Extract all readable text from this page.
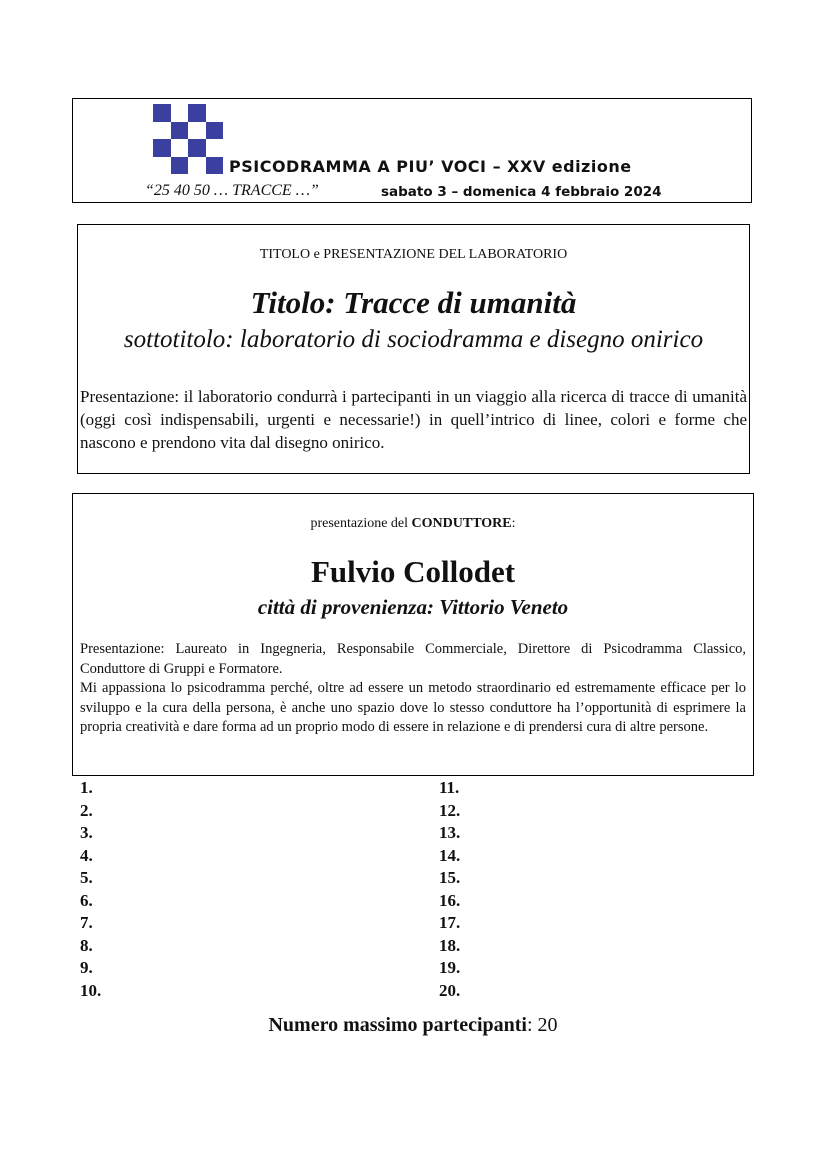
PSICODRAMMA A PIU’ VOCI – XXV edizione
“25 40 50 … TRACCE …”	sabato 3 – domenica 4 febbraio 2024
TITOLO e PRESENTAZIONE DEL LABORATORIO
Titolo: Tracce di umanità
sottotitolo: laboratorio di sociodramma e disegno onirico
Presentazione: il laboratorio condurrà i partecipanti in un viaggio alla ricerca di tracce di umanità (oggi così indispensabili, urgenti e necessarie!) in quell’intrico di linee, colori e forme che nascono e prendono vita dal disegno onirico.
presentazione del CONDUTTORE:
Fulvio Collodet
città di provenienza: Vittorio Veneto

Presentazione: Laureato in Ingegneria, Responsabile Commerciale, Direttore di Psicodramma Classico, Conduttore di Gruppi e Formatore.

Mi appassiona lo psicodramma perché, oltre ad essere un metodo straordinario ed estremamente efficace per lo sviluppo e la cura della persona, è anche uno spazio dove lo stesso conduttore ha l’opportunità di esprimere la propria creatività e dare forma ad un proprio modo di essere in relazione e di prendersi cura di altre persone.

1.
2.
3.
4.
5.
6.
7.
8.
9.
10.
11.
12.
13.
14.
15.
16.
17.
18.
19.
20.
Numero massimo partecipanti: 20
